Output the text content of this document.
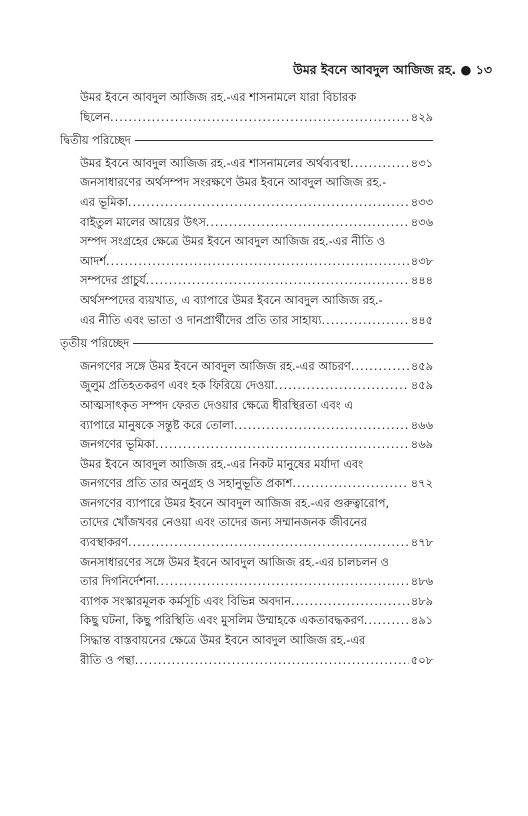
উমর ইবনে আবদুল আজিজ রহ. ● ১৩
উমর ইবনে আবদুল আজিজ রহ.-এর শাসনামলে যারা বিচারক
ছিলেন .....	৪২৯
দ্বিতীয় পরিচ্ছেদ
উমর ইবনে আবদুল আজিজ রহ.-এর শাসনামলের অর্থব্যবস্থা .....	৪৩১
জনসাধারণের অর্থসম্পদ সংরক্ষণে উমর ইবনে আবদুল আজিজ রহ.-
এর ভূমিকা .....	৪৩৩
বাইতুল মালের আয়ের উৎস .....	৪৩৬
সম্পদ সংগ্রহের ক্ষেত্রে উমর ইবনে আবদুল আজিজ রহ.-এর নীতি ও
আদর্শ .....	৪৩৮
সম্পদের প্রাচুর্য .....	৪৪৪
অর্থসম্পদের ব্যয়খাত, এ ব্যাপারে উমর ইবনে আবদুল আজিজ রহ.-
এর নীতি এবং ভাতা ও দানপ্রার্থীদের প্রতি তার সাহায্য .....	৪৪৫
তৃতীয় পরিচ্ছেদ
জনগণের সঙ্গে উমর ইবনে আবদুল আজিজ রহ.-এর আচরণ .....	৪৫৯
জুলুম প্রতিহতকরণ এবং হক ফিরিয়ে দেওয়া .....	৪৫৯
আত্মসাৎকৃত সম্পদ ফেরত দেওয়ার ক্ষেত্রে ধীরস্থিরতা এবং এ
ব্যাপারে মানুষকে সন্তুষ্ট করে তোলা .....	৪৬৬
জনগণের ভূমিকা .....	৪৬৯
উমর ইবনে আবদুল আজিজ রহ.-এর নিকট মানুষের মর্যাদা এবং
জনগণের প্রতি তার অনুগ্রহ ও সহানুভূতি প্রকাশ .....	৪৭২
জনগণের ব্যাপারে উমর ইবনে আবদুল আজিজ রহ.-এর গুরুত্বারোপ,
তাদের খোঁজখবর নেওয়া এবং তাদের জন্য সম্মানজনক জীবনের
ব্যবস্থাকরণ .....	৪৭৮
জনসাধারণের সঙ্গে উমর ইবনে আবদুল আজিজ রহ.-এর চালচলন ও
তার দিগনির্দেশনা .....	৪৮৬
ব্যাপক সংস্কারমূলক কর্মসূচি এবং বিভিন্ন অবদান .....	৪৮৯
কিছু ঘটনা, কিছু পরিস্থিতি এবং মুসলিম উম্মাহকে একতাবদ্ধকরণ .....	৪৯১
সিদ্ধান্ত বাস্তবায়নের ক্ষেত্রে উমর ইবনে আবদুল আজিজ রহ.-এর
রীতি ও পন্থা .....	৫০৮
